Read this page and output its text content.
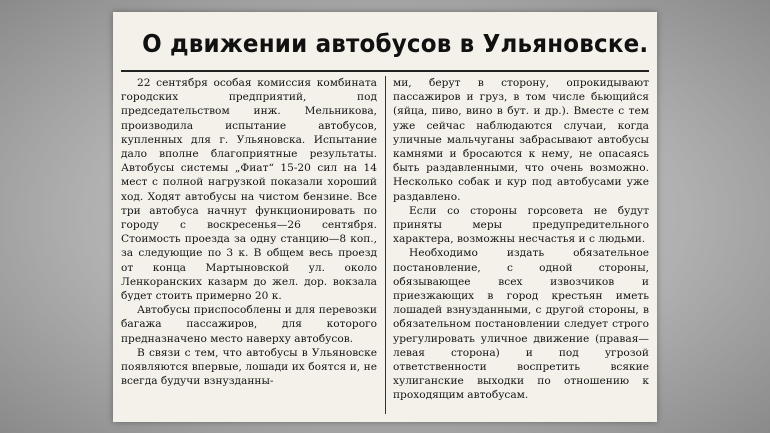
О движении автобусов в Ульяновске.

22 сентября особая комиссия комбината городских предприятий, под председательством инж. Мельникова, производила испытание автобусов, купленных для г. Ульяновска. Испытание дало вполне благоприятные результаты. Автобусы системы „Фиат“ 15-20 сил на 14 мест с полной нагрузкой показали хороший ход. Ходят автобусы на чистом бензине. Все три автобуса начнут функционировать по городу с воскресенья—26 сентября. Стоимость проезда за одну станцию—8 коп., за следующие по 3 к. В общем весь проезд от конца Мартыновской ул. около Ленкоранских казарм до жел. дор. вокзала будет стоить примерно 20 к.

Автобусы приспособлены и для перевозки багажа пассажиров, для которого предназначено место наверху автобусов.

В связи с тем, что автобусы в Ульяновске появляются впервые, лошади их боятся и, не всегда будучи взнузданны-

ми, берут в сторону, опрокидывают пассажиров и груз, в том числе бьющийся (яйца, пиво, вино в бут. и др.). Вместе с тем уже сейчас наблюдаются случаи, когда уличные мальчуганы забрасывают автобусы камнями и бросаются к нему, не опасаясь быть раздавленными, что очень возможно. Несколько собак и кур под автобусами уже раздавлено.

Если со стороны горсовета не будут приняты меры предупредительного характера, возможны несчастья и с людьми.

Необходимо издать обязательное постановление, с одной стороны, обязывающее всех извозчиков и приезжающих в город крестьян иметь лошадей взнузданными, с другой стороны, в обязательном постановлении следует строго урегулировать уличное движение (правая—левая сторона) и под угрозой ответственности воспретить всякие хулиганские выходки по отношению к проходящим автобусам.
